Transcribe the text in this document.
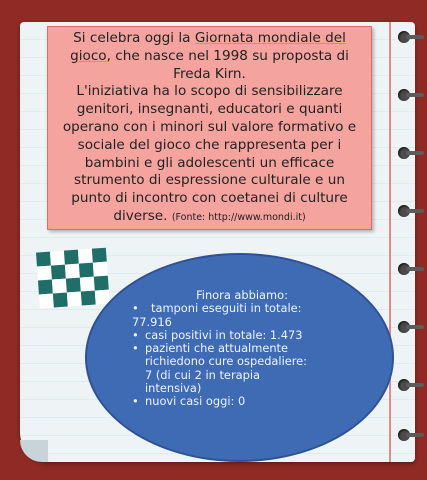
Si celebra oggi la Giornata mondiale del
gioco, che nasce nel 1998 su proposta di
Freda Kirn.
L'iniziativa ha lo scopo di sensibilizzare
genitori, insegnanti, educatori e quanti
operano con i minori sul valore formativo e
sociale del gioco che rappresenta per i
bambini e gli adolescenti un efficace
strumento di espressione culturale e un
punto di incontro con coetanei di culture
diverse. (Fonte: http://www.mondi.it)
Finora abbiamo:
• tamponi eseguiti in totale:
77.916
• casi positivi in totale: 1.473
• pazienti che attualmente
richiedono cure ospedaliere:
7 (di cui 2 in terapia
intensiva)
• nuovi casi oggi: 0
